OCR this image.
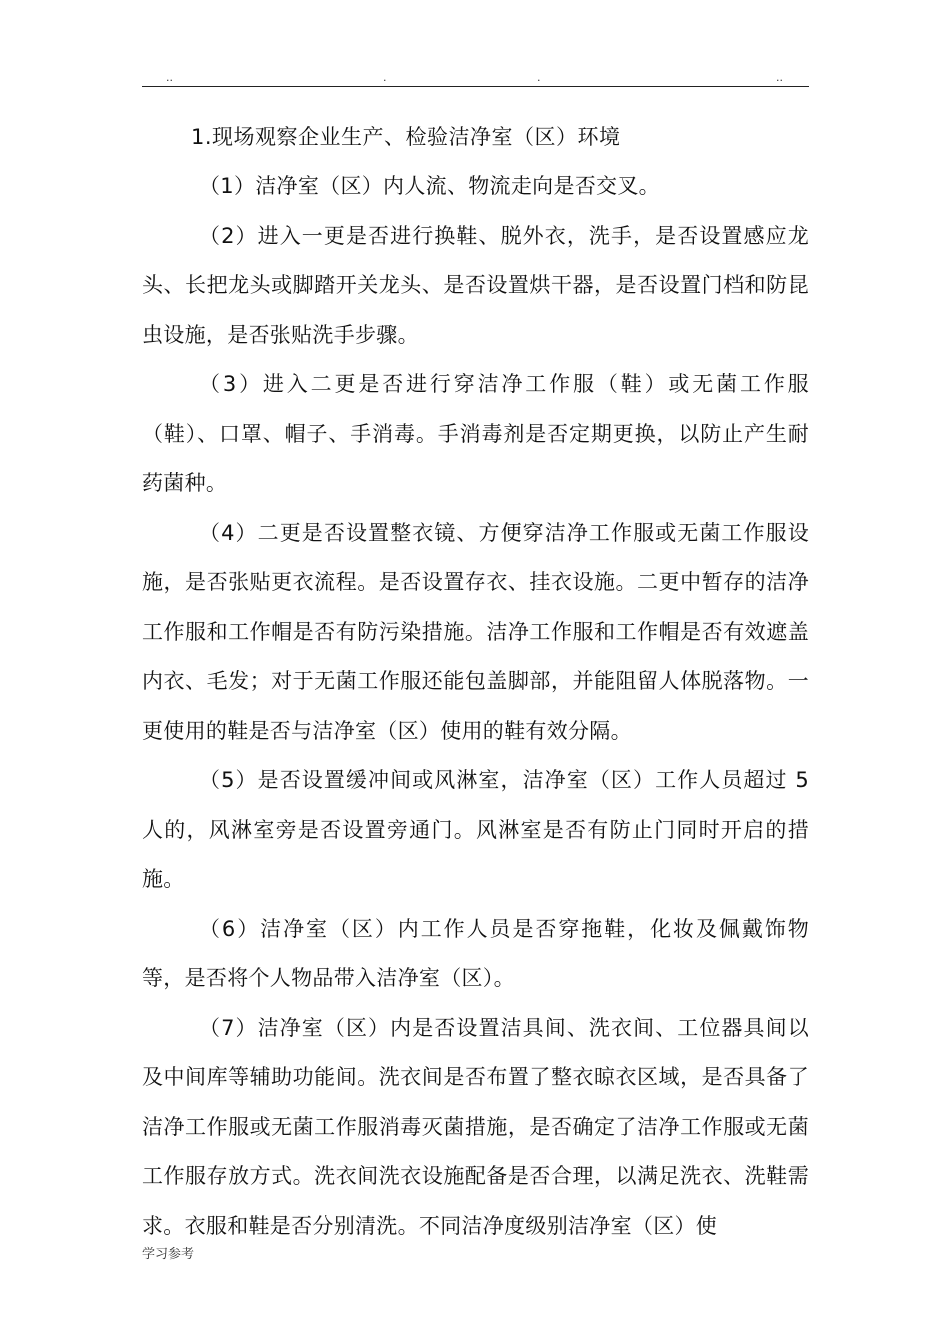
..	.	.	..

1.现场观察企业生产、检验洁净室（区）环境

（1）洁净室（区）内人流、物流走向是否交叉。

（2）进入一更是否进行换鞋、脱外衣，洗手，是否设置感应龙头、长把龙头或脚踏开关龙头、是否设置烘干器，是否设置门档和防昆虫设施，是否张贴洗手步骤。

（3）进入二更是否进行穿洁净工作服（鞋）或无菌工作服（鞋）、口罩、帽子、手消毒。手消毒剂是否定期更换，以防止产生耐药菌种。

（4）二更是否设置整衣镜、方便穿洁净工作服或无菌工作服设施，是否张贴更衣流程。是否设置存衣、挂衣设施。二更中暂存的洁净工作服和工作帽是否有防污染措施。洁净工作服和工作帽是否有效遮盖内衣、毛发；对于无菌工作服还能包盖脚部，并能阻留人体脱落物。一更使用的鞋是否与洁净室（区）使用的鞋有效分隔。

（5）是否设置缓冲间或风淋室，洁净室（区）工作人员超过 5 人的，风淋室旁是否设置旁通门。风淋室是否有防止门同时开启的措施。

（6）洁净室（区）内工作人员是否穿拖鞋，化妆及佩戴饰物等，是否将个人物品带入洁净室（区）。

（7）洁净室（区）内是否设置洁具间、洗衣间、工位器具间以及中间库等辅助功能间。洗衣间是否布置了整衣晾衣区域，是否具备了洁净工作服或无菌工作服消毒灭菌措施，是否确定了洁净工作服或无菌工作服存放方式。洗衣间洗衣设施配备是否合理，以满足洗衣、洗鞋需求。衣服和鞋是否分别清洗。不同洁净度级别洁净室（区）使

学习参考
